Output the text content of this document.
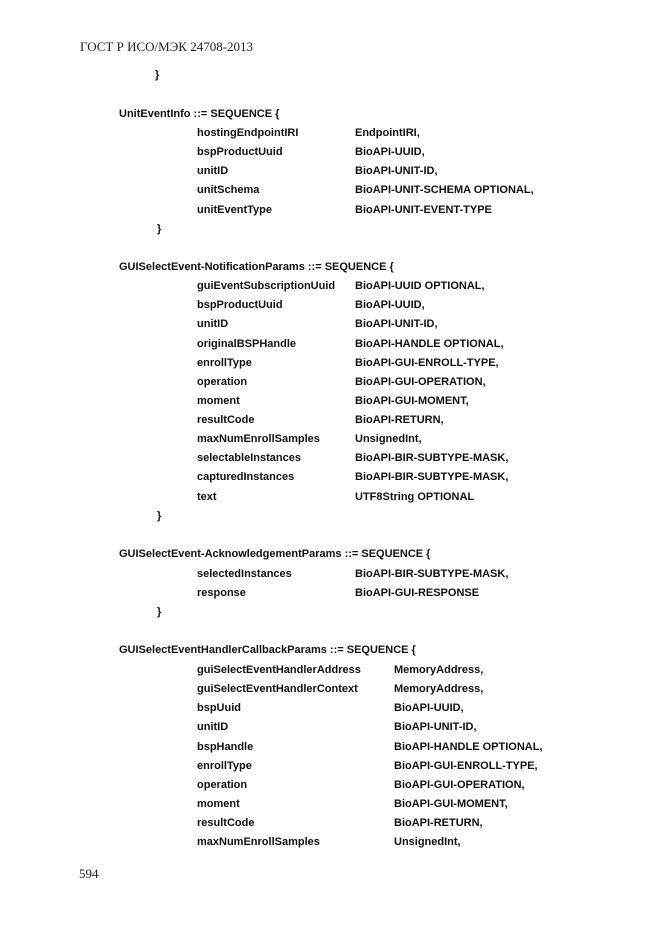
ГОСТ Р ИСО/МЭК 24708-2013
}
UnitEventInfo ::= SEQUENCE {
hostingEndpointIRI	EndpointIRI,
bspProductUuid	BioAPI-UUID,
unitID	BioAPI-UNIT-ID,
unitSchema	BioAPI-UNIT-SCHEMA OPTIONAL,
unitEventType	BioAPI-UNIT-EVENT-TYPE
}
GUISelectEvent-NotificationParams ::= SEQUENCE {
guiEventSubscriptionUuid BioAPI-UUID OPTIONAL,
bspProductUuid	BioAPI-UUID,
unitID	BioAPI-UNIT-ID,
originalBSPHandle	BioAPI-HANDLE OPTIONAL,
enrollType	BioAPI-GUI-ENROLL-TYPE,
operation	BioAPI-GUI-OPERATION,
moment	BioAPI-GUI-MOMENT,
resultCode	BioAPI-RETURN,
maxNumEnrollSamples	UnsignedInt,
selectableInstances	BioAPI-BIR-SUBTYPE-MASK,
capturedInstances	BioAPI-BIR-SUBTYPE-MASK,
text	UTF8String OPTIONAL
}
GUISelectEvent-AcknowledgementParams ::= SEQUENCE {
selectedInstances	BioAPI-BIR-SUBTYPE-MASK,
response	BioAPI-GUI-RESPONSE
}
GUISelectEventHandlerCallbackParams ::= SEQUENCE {
guiSelectEventHandlerAddress	MemoryAddress,
guiSelectEventHandlerContext	MemoryAddress,
bspUuid	BioAPI-UUID,
unitID	BioAPI-UNIT-ID,
bspHandle	BioAPI-HANDLE OPTIONAL,
enrollType	BioAPI-GUI-ENROLL-TYPE,
operation	BioAPI-GUI-OPERATION,
moment	BioAPI-GUI-MOMENT,
resultCode	BioAPI-RETURN,
maxNumEnrollSamples	UnsignedInt,
594
